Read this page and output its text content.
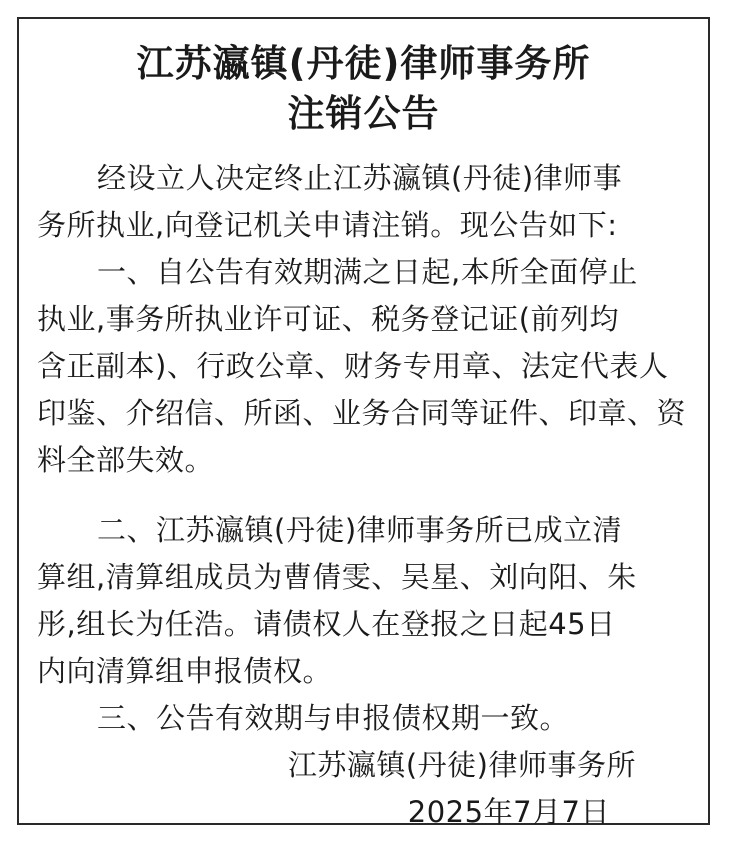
江苏瀛镇(丹徒)律师事务所
注销公告
经设立人决定终止江苏瀛镇(丹徒)律师事
务所执业,向登记机关申请注销。现公告如下:
一、自公告有效期满之日起,本所全面停止
执业,事务所执业许可证、税务登记证(前列均
含正副本)、行政公章、财务专用章、法定代表人
印鉴、介绍信、所函、业务合同等证件、印章、资
料全部失效。
二、江苏瀛镇(丹徒)律师事务所已成立清
算组,清算组成员为曹倩雯、吴星、刘向阳、朱
彤,组长为任浩。请债权人在登报之日起45日
内向清算组申报债权。
三、公告有效期与申报债权期一致。
江苏瀛镇(丹徒)律师事务所
2025年7月7日
